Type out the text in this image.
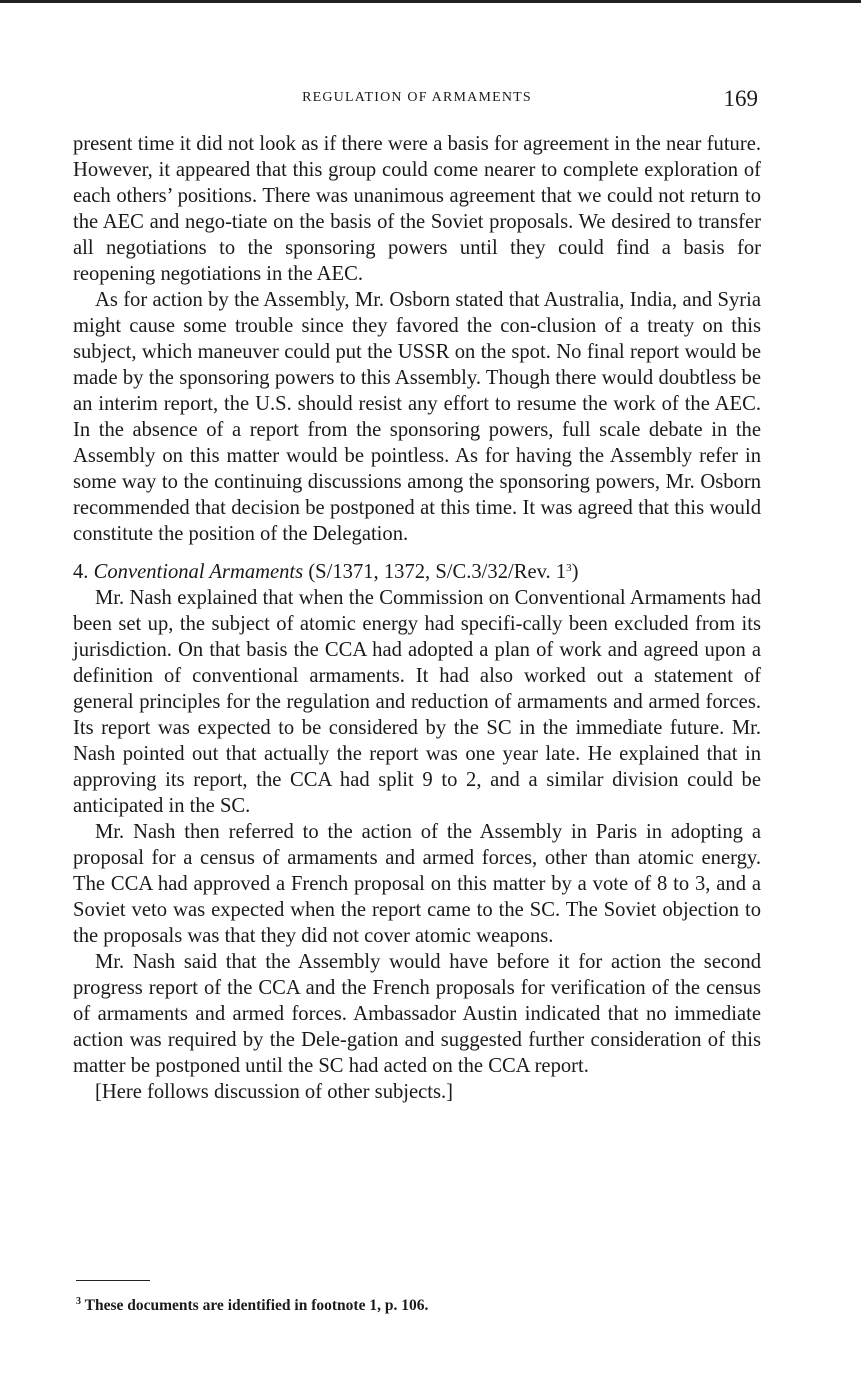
REGULATION OF ARMAMENTS	169

present time it did not look as if there were a basis for agreement in the near future. However, it appeared that this group could come nearer to complete exploration of each others’ positions. There was unanimous agreement that we could not return to the AEC and nego-tiate on the basis of the Soviet proposals. We desired to transfer all negotiations to the sponsoring powers until they could find a basis for reopening negotiations in the AEC.

As for action by the Assembly, Mr. Osborn stated that Australia, India, and Syria might cause some trouble since they favored the con-clusion of a treaty on this subject, which maneuver could put the USSR on the spot. No final report would be made by the sponsoring powers to this Assembly. Though there would doubtless be an interim report, the U.S. should resist any effort to resume the work of the AEC. In the absence of a report from the sponsoring powers, full scale debate in the Assembly on this matter would be pointless. As for having the Assembly refer in some way to the continuing discussions among the sponsoring powers, Mr. Osborn recommended that decision be postponed at this time. It was agreed that this would constitute the position of the Delegation.

4. Conventional Armaments (S/1371, 1372, S/C.3/32/Rev. $1^3$)

Mr. Nash explained that when the Commission on Conventional Armaments had been set up, the subject of atomic energy had specifi-cally been excluded from its jurisdiction. On that basis the CCA had adopted a plan of work and agreed upon a definition of conventional armaments. It had also worked out a statement of general principles for the regulation and reduction of armaments and armed forces. Its report was expected to be considered by the SC in the immediate future. Mr. Nash pointed out that actually the report was one year late. He explained that in approving its report, the CCA had split 9 to 2, and a similar division could be anticipated in the SC.

Mr. Nash then referred to the action of the Assembly in Paris in adopting a proposal for a census of armaments and armed forces, other than atomic energy. The CCA had approved a French proposal on this matter by a vote of 8 to 3, and a Soviet veto was expected when the report came to the SC. The Soviet objection to the proposals was that they did not cover atomic weapons.

Mr. Nash said that the Assembly would have before it for action the second progress report of the CCA and the French proposals for verification of the census of armaments and armed forces. Ambassador Austin indicated that no immediate action was required by the Dele-gation and suggested further consideration of this matter be postponed until the SC had acted on the CCA report.

[Here follows discussion of other subjects.]

$^3$ These documents are identified in footnote 1, p. 106.
